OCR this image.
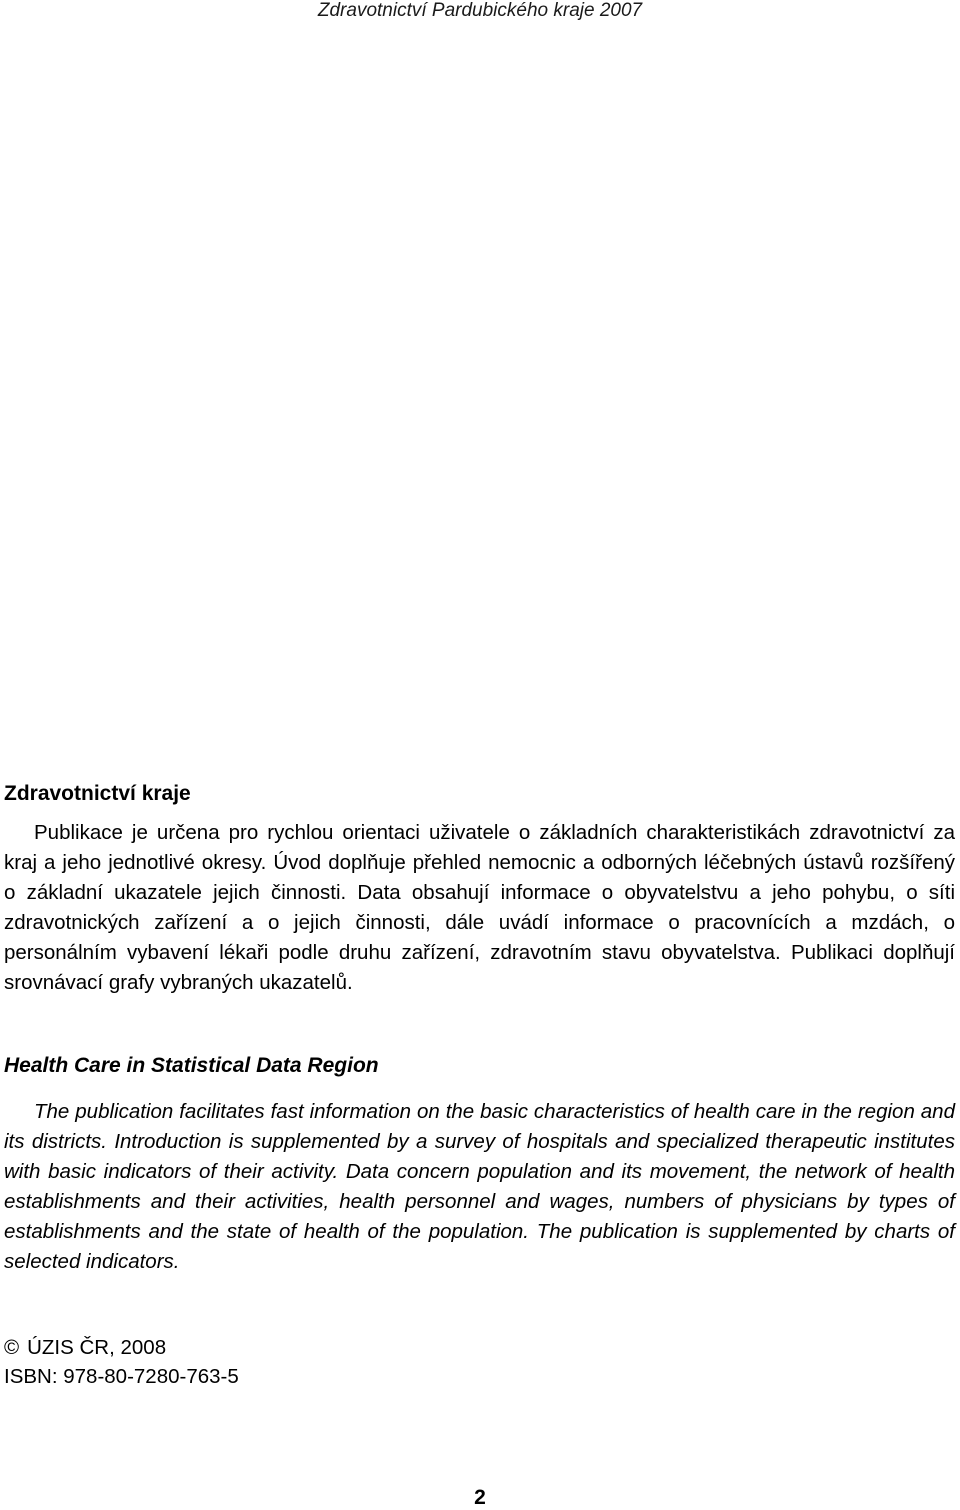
Zdravotnictví Pardubického kraje 2007
Zdravotnictví kraje

Publikace je určena pro rychlou orientaci uživatele o základních charakteristikách zdravotnictví za kraj a jeho jednotlivé okresy. Úvod doplňuje přehled nemocnic a odborných léčebných ústavů rozšířený o základní ukazatele jejich činnosti. Data obsahují informace o obyvatelstvu a jeho pohybu, o síti zdravotnických zařízení a o jejich činnosti, dále uvádí informace o pracovnících a mzdách, o personálním vybavení lékaři podle druhu zařízení, zdravotním stavu obyvatelstva. Publikaci doplňují srovnávací grafy vybraných ukazatelů.

Health Care in Statistical Data Region

The publication facilitates fast information on the basic characteristics of health care in the region and its districts. Introduction is supplemented by a survey of hospitals and specialized therapeutic institutes with basic indicators of their activity. Data concern population and its movement, the network of health establishments and their activities, health personnel and wages, numbers of physicians by types of establishments and the state of health of the population. The publication is supplemented by charts of selected indicators.

© ÚZIS ČR, 2008

ISBN: 978-80-7280-763-5

2
